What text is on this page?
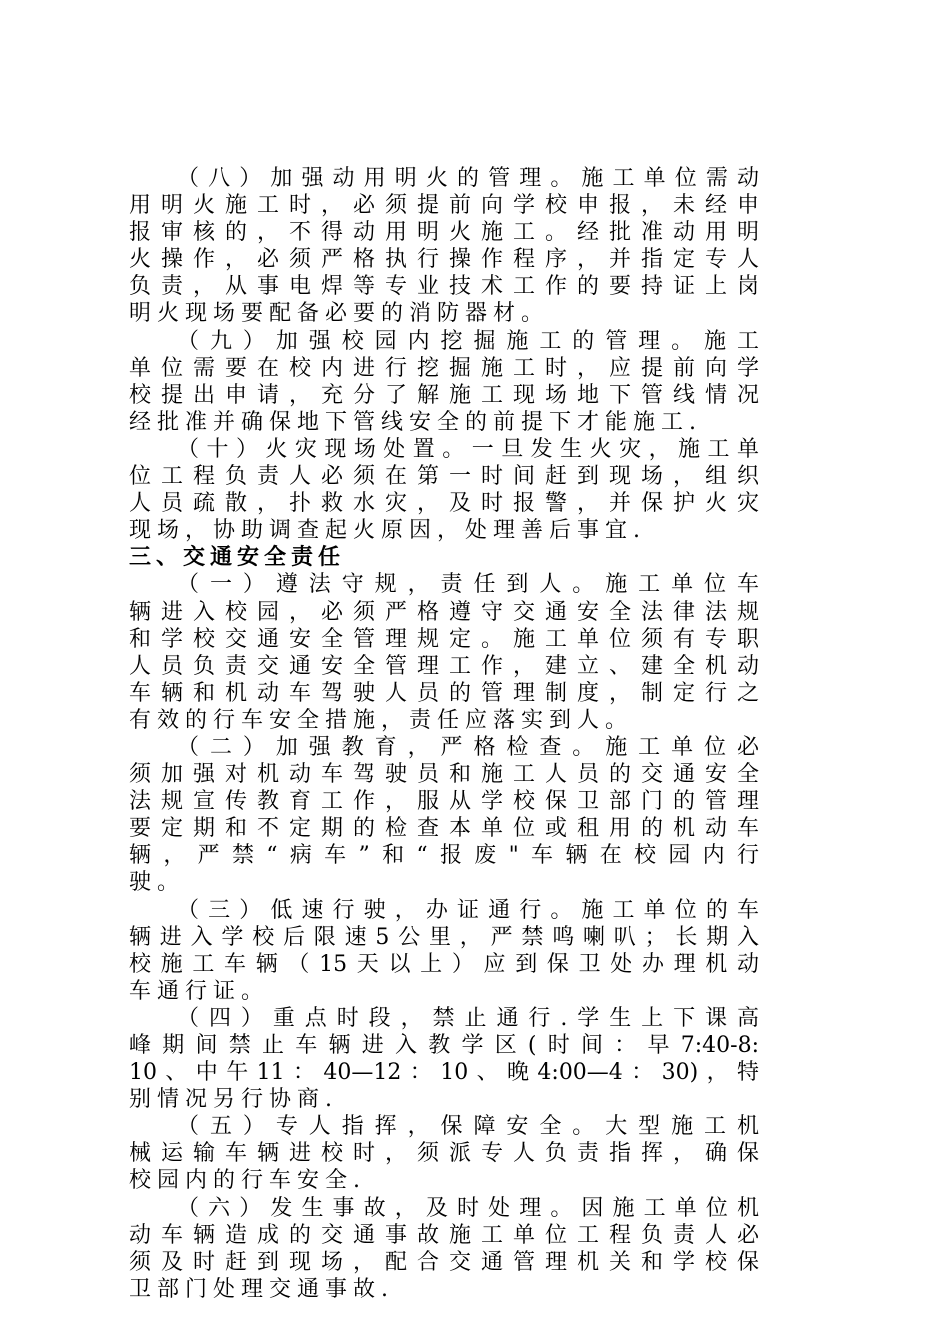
（八）加强动用明火的管理。施工单位需动
用明火施工时，必须提前向学校申报，未经申
报审核的，不得动用明火施工。经批准动用明
火操作，必须严格执行操作程序，并指定专人
负责，从事电焊等专业技术工作的要持证上岗
明火现场要配备必要的消防器材。
（九）加强校园内挖掘施工的管理。施工
单位需要在校内进行挖掘施工时，应提前向学
校提出申请，充分了解施工现场地下管线情况
经批准并确保地下管线安全的前提下才能施工.
（十）火灾现场处置。一旦发生火灾，施工单
位工程负责人必须在第一时间赶到现场，组织
人员疏散，扑救水灾，及时报警，并保护火灾
现场，协助调查起火原因，处理善后事宜.
三、交通安全责任
（一）遵法守规，责任到人。施工单位车
辆进入校园，必须严格遵守交通安全法律法规
和学校交通安全管理规定。施工单位须有专职
人员负责交通安全管理工作，建立、建全机动
车辆和机动车驾驶人员的管理制度，制定行之
有效的行车安全措施，责任应落实到人。
（二）加强教育，严格检查。施工单位必
须加强对机动车驾驶员和施工人员的交通安全
法规宣传教育工作，服从学校保卫部门的管理
要定期和不定期的检查本单位或租用的机动车
辆，严禁“病车”和“报废"车辆在校园内行
驶。
（三）低速行驶，办证通行。施工单位的车
辆进入学校后限速5公里，严禁鸣喇叭；长期入
校施工车辆（15天以上）应到保卫处办理机动
车通行证。
（四）重点时段，禁止通行.学生上下课高
峰期间禁止车辆进入教学区(时间：早7:40-8:
10、中午11：40—12：10、晚4:00—4：30)，特
别情况另行协商.
（五）专人指挥，保障安全。大型施工机
械运输车辆进校时，须派专人负责指挥，确保
校园内的行车安全.
（六）发生事故，及时处理。因施工单位机
动车辆造成的交通事故施工单位工程负责人必
须及时赶到现场，配合交通管理机关和学校保
卫部门处理交通事故.
